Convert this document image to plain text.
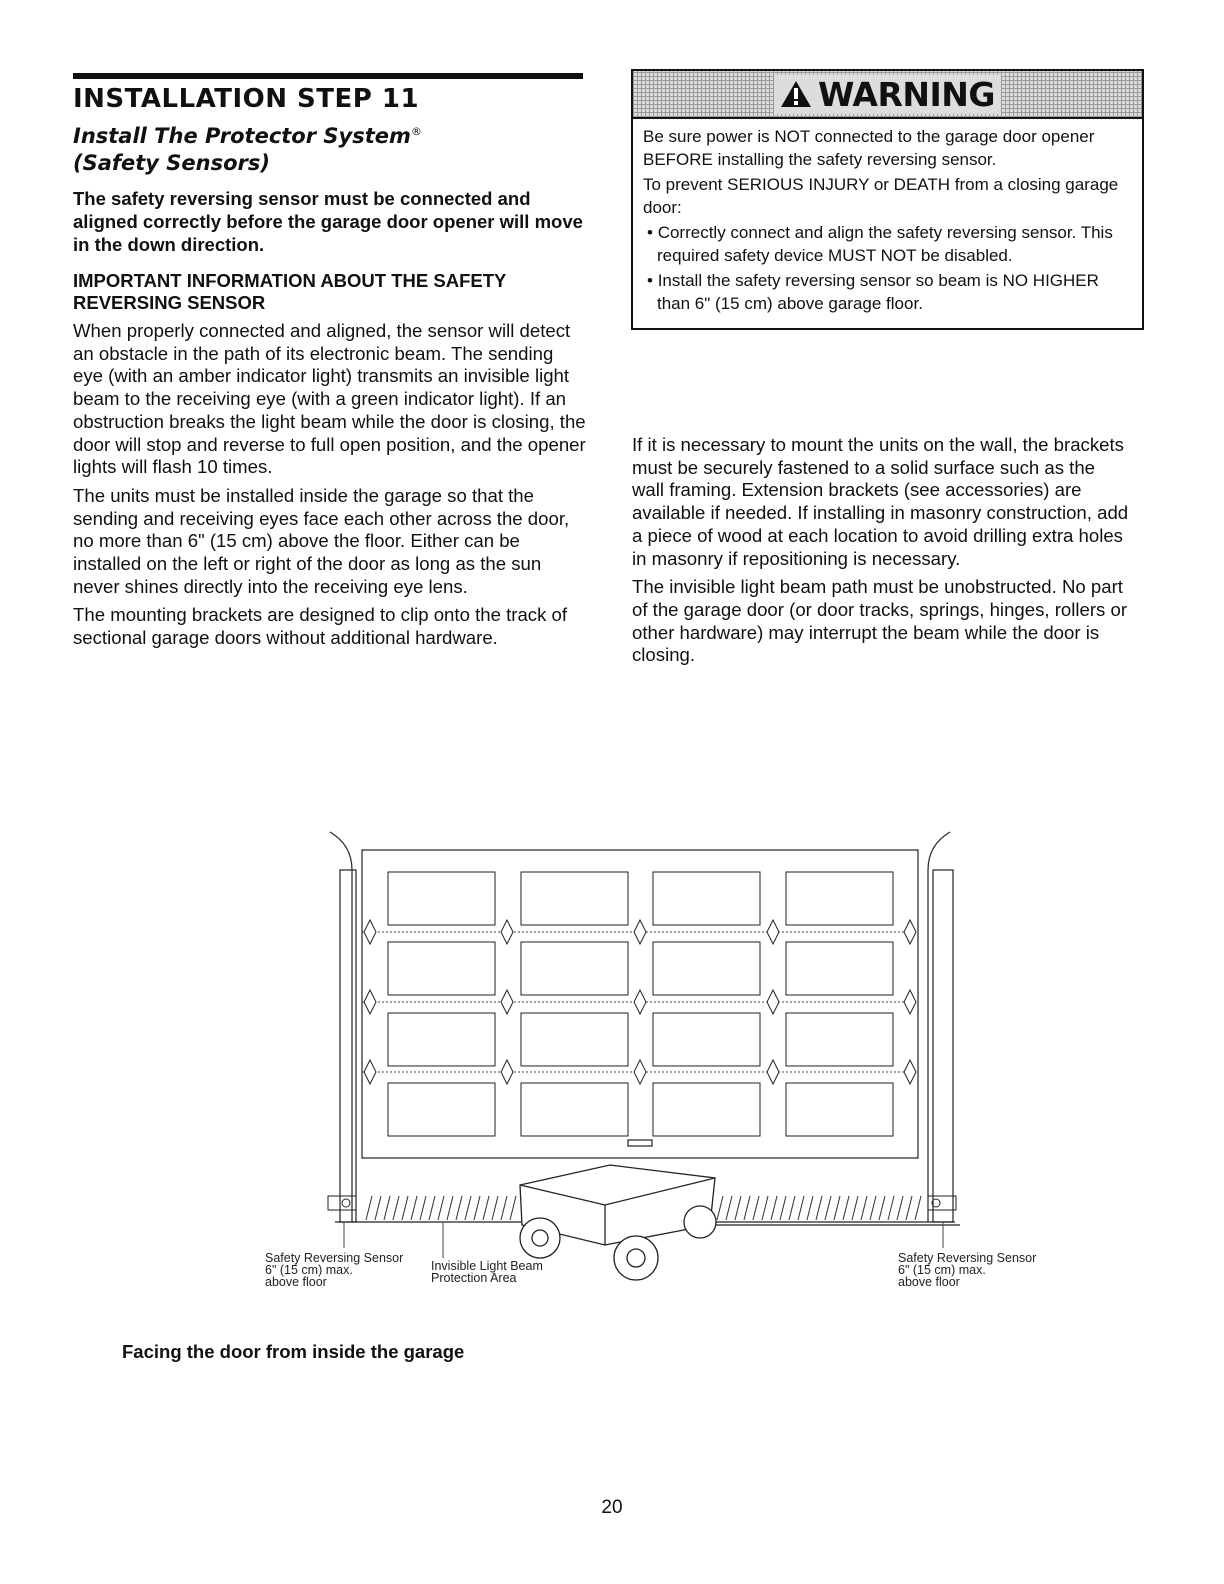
INSTALLATION STEP 11
Install The Protector System®
(Safety Sensors)
The safety reversing sensor must be connected and aligned correctly before the garage door opener will move in the down direction.
IMPORTANT INFORMATION ABOUT THE SAFETY REVERSING SENSOR

When properly connected and aligned, the sensor will detect an obstacle in the path of its electronic beam. The sending eye (with an amber indicator light) transmits an invisible light beam to the receiving eye (with a green indicator light). If an obstruction breaks the light beam while the door is closing, the door will stop and reverse to full open position, and the opener lights will flash 10 times.

The units must be installed inside the garage so that the sending and receiving eyes face each other across the door, no more than 6" (15 cm) above the floor. Either can be installed on the left or right of the door as long as the sun never shines directly into the receiving eye lens.

The mounting brackets are designed to clip onto the track of sectional garage doors without additional hardware.

WARNING

Be sure power is NOT connected to the garage door opener BEFORE installing the safety reversing sensor.

To prevent SERIOUS INJURY or DEATH from a closing garage door:

• Correctly connect and align the safety reversing sensor. This required safety device MUST NOT be disabled.

• Install the safety reversing sensor so beam is NO HIGHER than 6" (15 cm) above garage floor.

If it is necessary to mount the units on the wall, the brackets must be securely fastened to a solid surface such as the wall framing. Extension brackets (see accessories) are available if needed. If installing in masonry construction, add a piece of wood at each location to avoid drilling extra holes in masonry if repositioning is necessary.

The invisible light beam path must be unobstructed. No part of the garage door (or door tracks, springs, hinges, rollers or other hardware) may interrupt the beam while the door is closing.

Safety Reversing Sensor
6" (15 cm) max.
above floor
Invisible Light Beam
Protection Area
Safety Reversing Sensor
6" (15 cm) max.
above floor
Facing the door from inside the garage
20
